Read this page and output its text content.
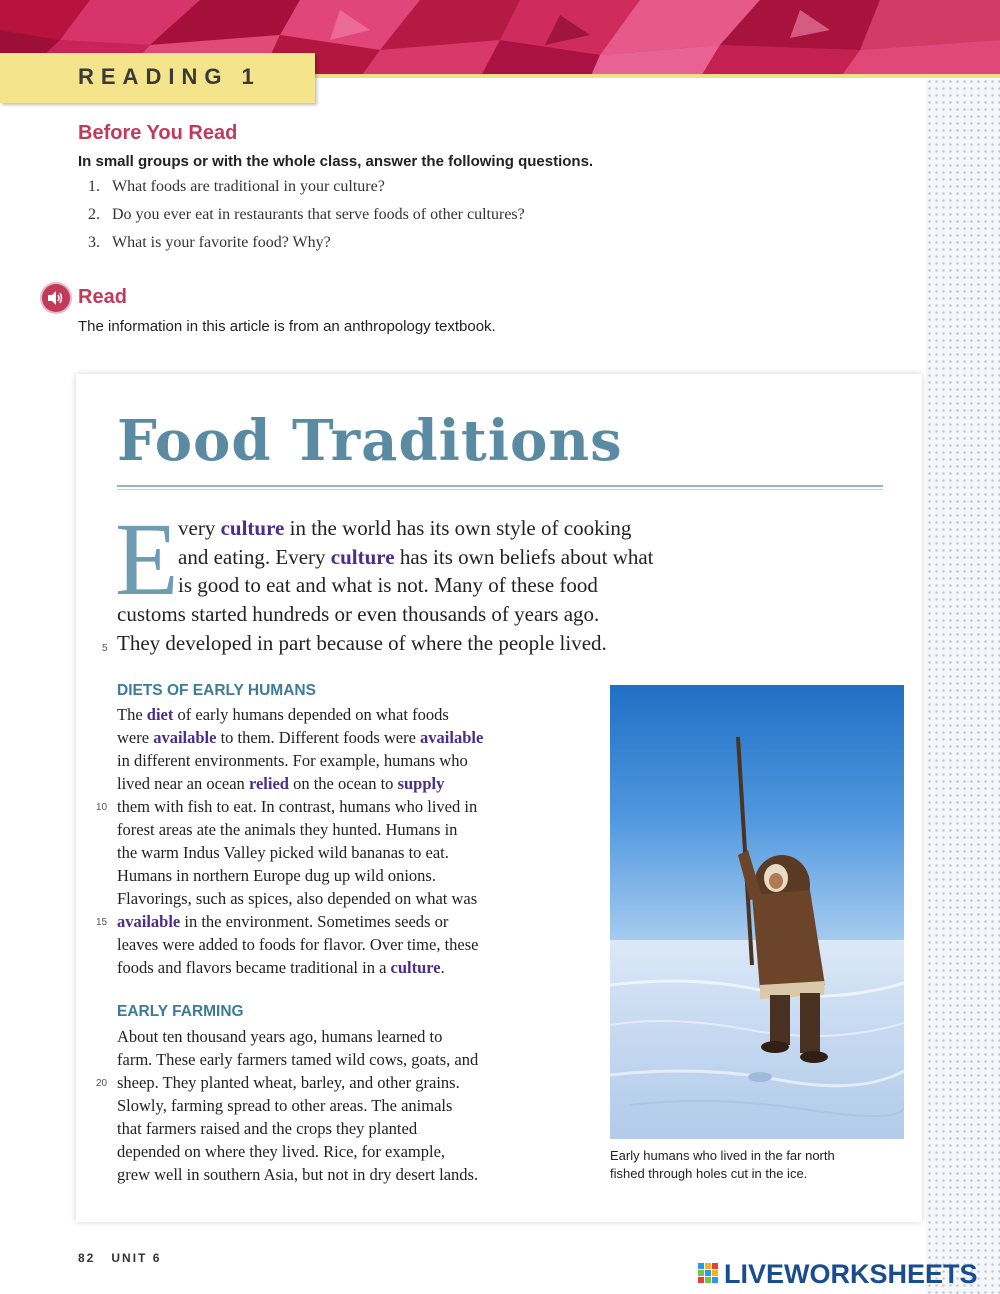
READING 1
Before You Read
In small groups or with the whole class, answer the following questions.
1. What foods are traditional in your culture?
2. Do you ever eat in restaurants that serve foods of other cultures?
3. What is your favorite food? Why?
Read
The information in this article is from an anthropology textbook.
Food Traditions
E very culture in the world has its own style of cooking
and eating. Every culture has its own beliefs about what
is good to eat and what is not. Many of these food
customs started hundreds or even thousands of years ago.
They developed in part because of where the people lived.
5
DIETS OF EARLY HUMANS
The diet of early humans depended on what foods
were available to them. Different foods were available
in different environments. For example, humans who
lived near an ocean relied on the ocean to supply
them with fish to eat. In contrast, humans who lived in
10
forest areas ate the animals they hunted. Humans in
the warm Indus Valley picked wild bananas to eat.
Humans in northern Europe dug up wild onions.
Flavorings, such as spices, also depended on what was
available in the environment. Sometimes seeds or
15
leaves were added to foods for flavor. Over time, these
foods and flavors became traditional in a culture.
EARLY FARMING
About ten thousand years ago, humans learned to
farm. These early farmers tamed wild cows, goats, and
sheep. They planted wheat, barley, and other grains.
20
Slowly, farming spread to other areas. The animals
that farmers raised and the crops they planted
depended on where they lived. Rice, for example,
grew well in southern Asia, but not in dry desert lands.
Early humans who lived in the far north
fished through holes cut in the ice.
82 UNIT 6
LIVEWORKSHEETS
